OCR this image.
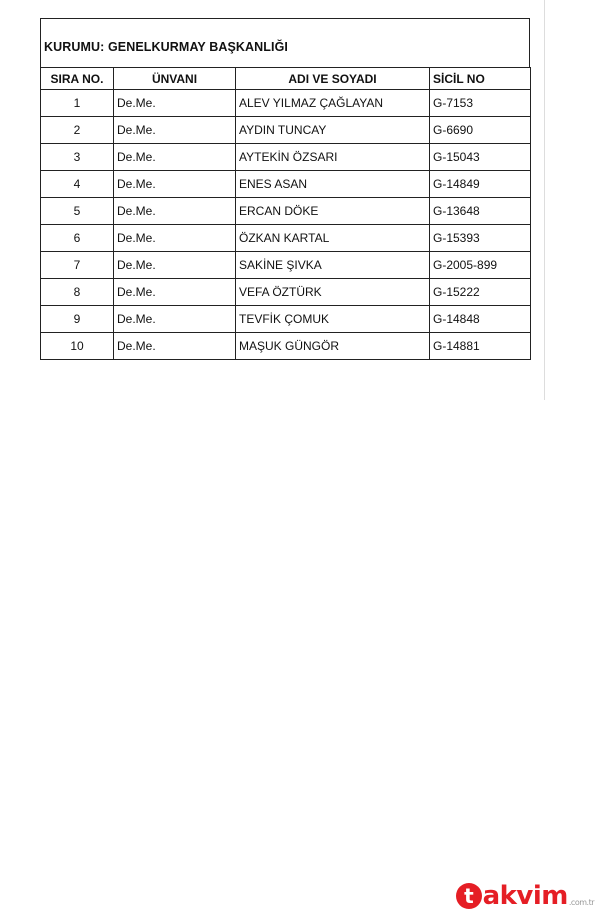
KURUMU: GENELKURMAY BAŞKANLIĞI
SIRA NO.	ÜNVANI	ADI VE SOYADI	SİCİL NO
1	De.Me.	ALEV YILMAZ ÇAĞLAYAN	G-7153
2	De.Me.	AYDIN TUNCAY	G-6690
3	De.Me.	AYTEKİN ÖZSARI	G-15043
4	De.Me.	ENES ASAN	G-14849
5	De.Me.	ERCAN DÖKE	G-13648
6	De.Me.	ÖZKAN KARTAL	G-15393
7	De.Me.	SAKİNE ŞIVKA	G-2005-899
8	De.Me.	VEFA ÖZTÜRK	G-15222
9	De.Me.	TEVFİK ÇOMUK	G-14848
10	De.Me.	MAŞUK GÜNGÖR	G-14881
t akvim .com.tr
